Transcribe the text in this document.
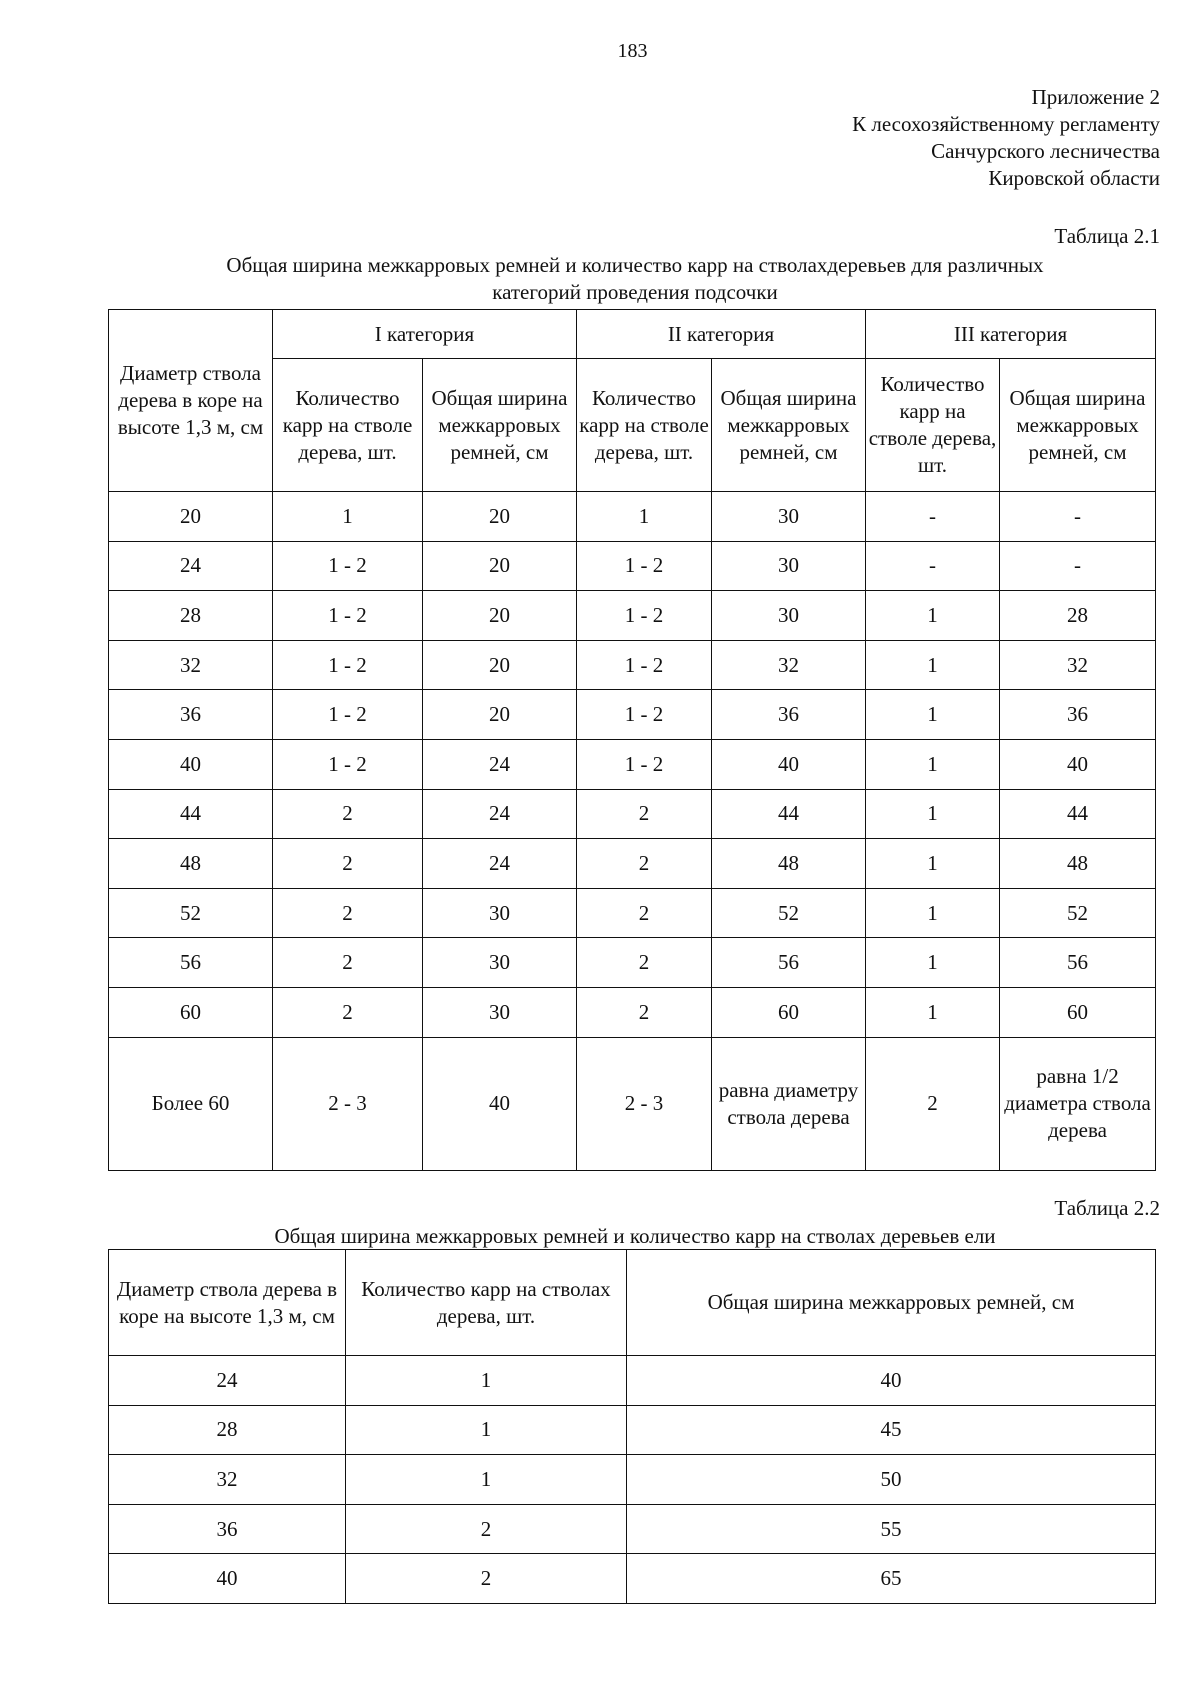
183
Приложение 2
К лесохозяйственному регламенту
Санчурского лесничества
Кировской области
Таблица 2.1
Общая ширина межкарровых ремней и количество карр на стволахдеревьев для различных
категорий проведения подсочки
Диаметр ствола дерева в коре на высоте 1,3 м, см	I категория		II категория		III категория	
	Количество карр на стволе дерева, шт.	Общая ширина межкарровых ремней, см	Количество карр на стволе дерева, шт.	Общая ширина межкарровых ремней, см	Количество карр на стволе дерева, шт.	Общая ширина межкарровых ремней, см
20	1	20	1	30	-	-
24	1 - 2	20	1 - 2	30	-	-
28	1 - 2	20	1 - 2	30	1	28
32	1 - 2	20	1 - 2	32	1	32
36	1 - 2	20	1 - 2	36	1	36
40	1 - 2	24	1 - 2	40	1	40
44	2	24	2	44	1	44
48	2	24	2	48	1	48
52	2	30	2	52	1	52
56	2	30	2	56	1	56
60	2	30	2	60	1	60
Более 60	2 - 3	40	2 - 3	равна диаметру ствола дерева	2	равна 1/2 диаметра ствола дерева
Таблица 2.2
Общая ширина межкарровых ремней и количество карр на стволах деревьев ели
Диаметр ствола дерева в коре на высоте 1,3 м, см	Количество карр на стволах дерева, шт.	Общая ширина межкарровых ремней, см
24	1	40
28	1	45
32	1	50
36	2	55
40	2	65
